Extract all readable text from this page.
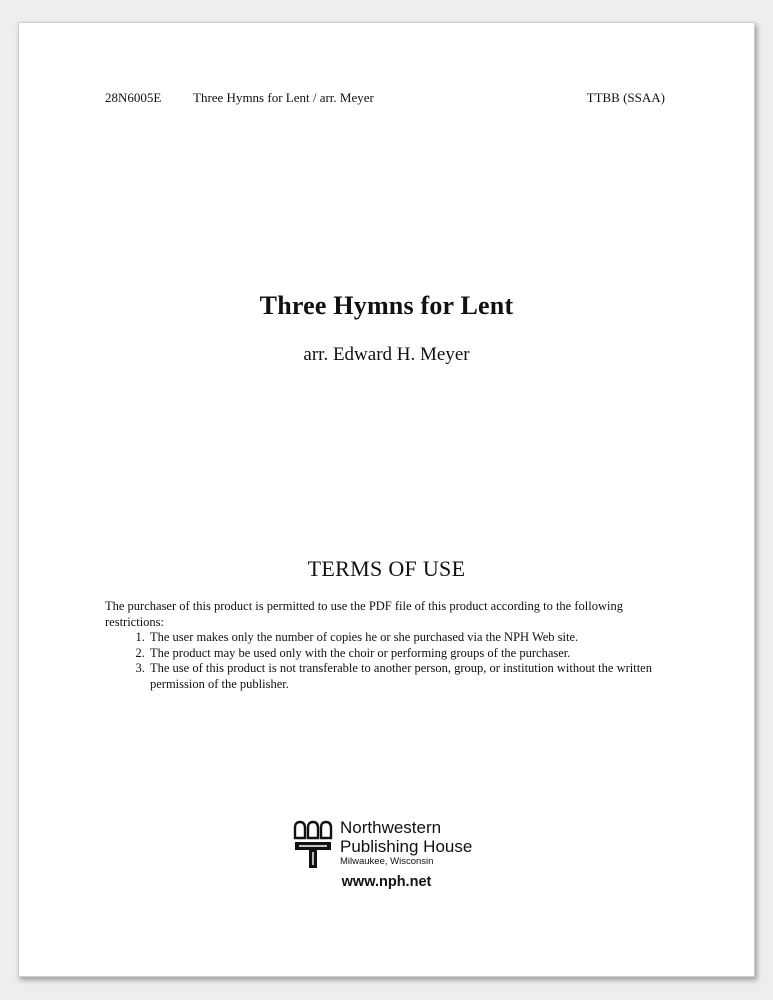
28N6005E Three Hymns for Lent / arr. Meyer	TTBB (SSAA)
Three Hymns for Lent
arr. Edward H. Meyer
TERMS OF USE
The purchaser of this product is permitted to use the PDF file of this product according to the following restrictions:
1. The user makes only the number of copies he or she purchased via the NPH Web site.
2. The product may be used only with the choir or performing groups of the purchaser.
3. The use of this product is not transferable to another person, group, or institution without the written permission of the publisher.
Northwestern
Publishing House
Milwaukee, Wisconsin
www.nph.net
